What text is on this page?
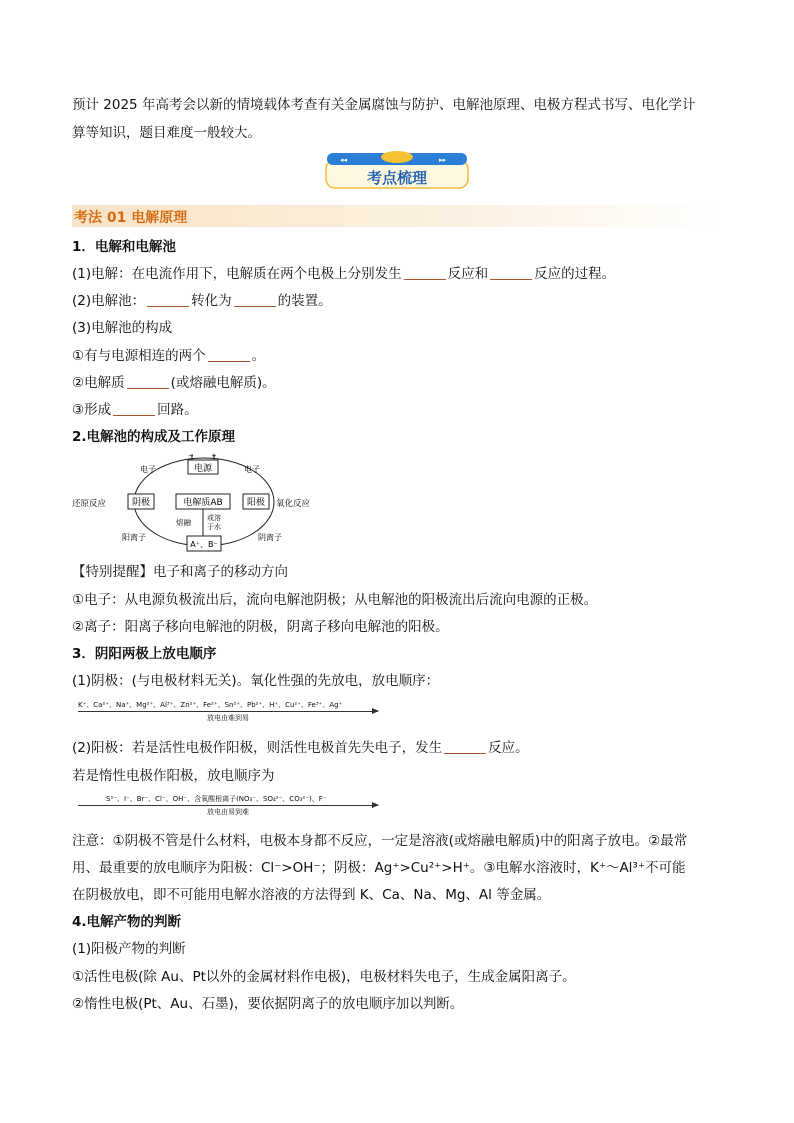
预计 2025 年高考会以新的情境载体考查有关金属腐蚀与防护、电解池原理、电极方程式书写、电化学计
算等知识，题目难度一般较大。
◂◂	▸▸
考点梳理
考法 01 电解原理
1．电解和电解池
(1)电解：在电流作用下，电解质在两个电极上分别发生	反应和	反应的过程。
(2)电解池：	转化为	的装置。
(3)电解池的构成
①有与电源相连的两个	。
②电解质	(或熔融电解质)。
③形成	回路。
2.电解池的构成及工作原理
− +
电源
电子	电子
还原反应	阴极	电解质AB	阳极 氧化反应
熔融 或溶
于水
阳离子	阴离子
A⁺、B⁻
【特别提醒】电子和离子的移动方向
①电子：从电源负极流出后，流向电解池阴极；从电解池的阳极流出后流向电源的正极。
②离子：阳离子移向电解池的阴极，阴离子移向电解池的阳极。
3．阴阳两极上放电顺序
(1)阴极：(与电极材料无关)。氧化性强的先放电，放电顺序：
K⁺、Ca²⁺、Na⁺、Mg²⁺、Al³⁺、Zn²⁺、Fe²⁺、Sn²⁺、Pb²⁺、H⁺、Cu²⁺、Fe³⁺、Ag⁺
放电由难到易
(2)阳极：若是活性电极作阳极，则活性电极首先失电子，发生	反应。
若是惰性电极作阳极，放电顺序为
S²⁻、I⁻、Br⁻、Cl⁻、OH⁻、含氧酸根离子(NO₃⁻、SO₄²⁻、CO₃²⁻)、F⁻
放电由易到难
注意：①阴极不管是什么材料，电极本身都不反应，一定是溶液(或熔融电解质)中的阳离子放电。②最常
用、最重要的放电顺序为阳极：Cl⁻>OH⁻；阴极：Ag⁺>Cu²⁺>H⁺。③电解水溶液时，K⁺～Al³⁺不可能
在阴极放电，即不可能用电解水溶液的方法得到 K、Ca、Na、Mg、Al 等金属。
4.电解产物的判断
(1)阳极产物的判断
①活性电极(除 Au、Pt以外的金属材料作电极)，电极材料失电子，生成金属阳离子。
②惰性电极(Pt、Au、石墨)，要依据阴离子的放电顺序加以判断。
